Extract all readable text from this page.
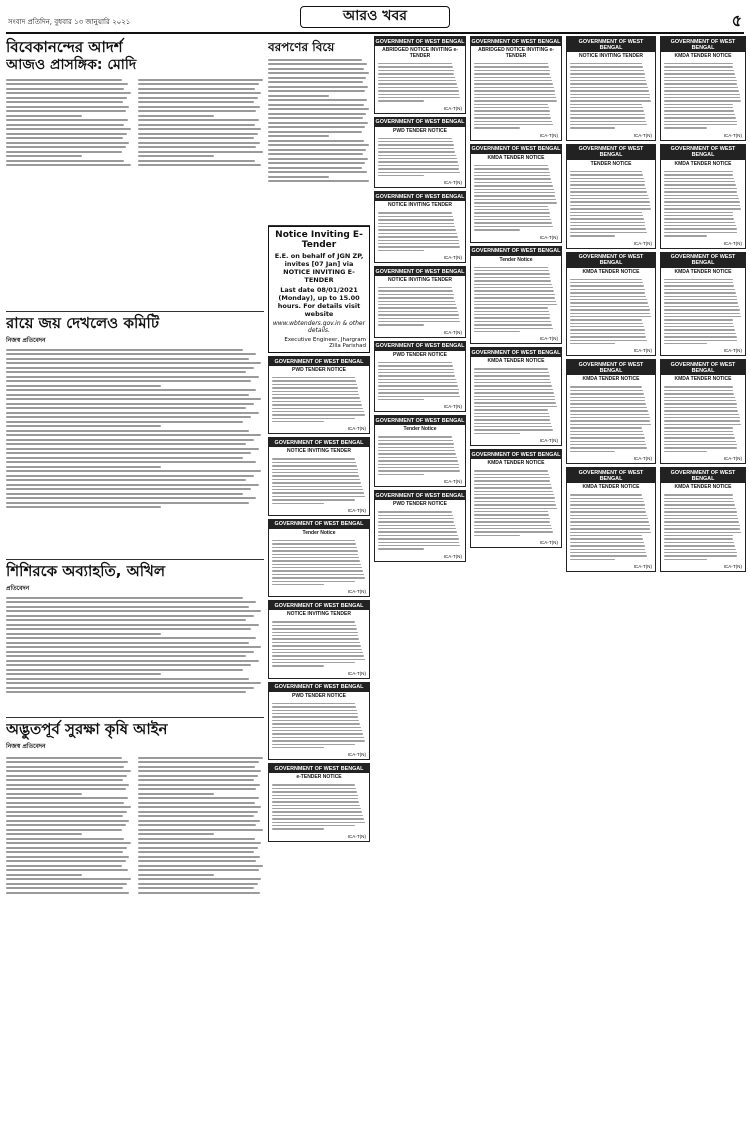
সংবাদ প্রতিদিন, বুধবার ১৩ জানুয়ারি ২০২১	আরও খবর	৫
বিবেকানন্দের আদর্শ
আজও প্রাসঙ্গিক: মোদি
রায়ে জয় দেখলেও কমিটি
নিজস্ব প্রতিবেদন
শিশিরকে অব্যাহতি, অখিল
প্রতিবেদন
অদ্ভুতপূর্ব সুরক্ষা কৃষি আইন
নিজস্ব প্রতিবেদন
বরপণের বিয়ে
Notice Inviting E-Tender
E.E. on behalf of JGN ZP, invites [07 Jan] via NOTICE INVITING E-TENDER
Last date 08/01/2021 (Monday), up to 15.00 hours. For details visit website
www.wbtenders.gov.in & other details.
Executive Engineer, Jhargram Zilla Parishad
GOVERNMENT OF WEST BENGAL
PWD TENDER NOTICE
ICA-T(N)
GOVERNMENT OF WEST BENGAL
NOTICE INVITING TENDER
ICA-T(N)
GOVERNMENT OF WEST BENGAL
Tender Notice
ICA-T(N)
GOVERNMENT OF WEST BENGAL
NOTICE INVITING TENDER
ICA-T(N)
GOVERNMENT OF WEST BENGAL
PWD TENDER NOTICE
ICA-T(N)
GOVERNMENT OF WEST BENGAL
e-TENDER NOTICE
ICA-T(N)
GOVERNMENT OF WEST BENGAL
ABRIDGED NOTICE INVITING e-TENDER
ICA-T(N)
GOVERNMENT OF WEST BENGAL
PWD TENDER NOTICE
ICA-T(N)
GOVERNMENT OF WEST BENGAL
NOTICE INVITING TENDER
ICA-T(N)
GOVERNMENT OF WEST BENGAL
NOTICE INVITING TENDER
ICA-T(N)
GOVERNMENT OF WEST BENGAL
PWD TENDER NOTICE
ICA-T(N)
GOVERNMENT OF WEST BENGAL
Tender Notice
ICA-T(N)
GOVERNMENT OF WEST BENGAL
PWD TENDER NOTICE
ICA-T(N)
GOVERNMENT OF WEST BENGAL
ABRIDGED NOTICE INVITING e-TENDER
ICA-T(N)
GOVERNMENT OF WEST BENGAL
KMDA TENDER NOTICE
ICA-T(N)
GOVERNMENT OF WEST BENGAL
Tender Notice
ICA-T(N)
GOVERNMENT OF WEST BENGAL
KMDA TENDER NOTICE
ICA-T(N)
GOVERNMENT OF WEST BENGAL
KMDA TENDER NOTICE
ICA-T(N)
GOVERNMENT OF WEST BENGAL
NOTICE INVITING TENDER
ICA-T(N)
GOVERNMENT OF WEST BENGAL
TENDER NOTICE
ICA-T(N)
GOVERNMENT OF WEST BENGAL
KMDA TENDER NOTICE
ICA-T(N)
GOVERNMENT OF WEST BENGAL
KMDA TENDER NOTICE
ICA-T(N)
GOVERNMENT OF WEST BENGAL
KMDA TENDER NOTICE
ICA-T(N)
GOVERNMENT OF WEST BENGAL
KMDA TENDER NOTICE
ICA-T(N)
GOVERNMENT OF WEST BENGAL
KMDA TENDER NOTICE
ICA-T(N)
GOVERNMENT OF WEST BENGAL
KMDA TENDER NOTICE
ICA-T(N)
GOVERNMENT OF WEST BENGAL
KMDA TENDER NOTICE
ICA-T(N)
GOVERNMENT OF WEST BENGAL
KMDA TENDER NOTICE
ICA-T(N)
